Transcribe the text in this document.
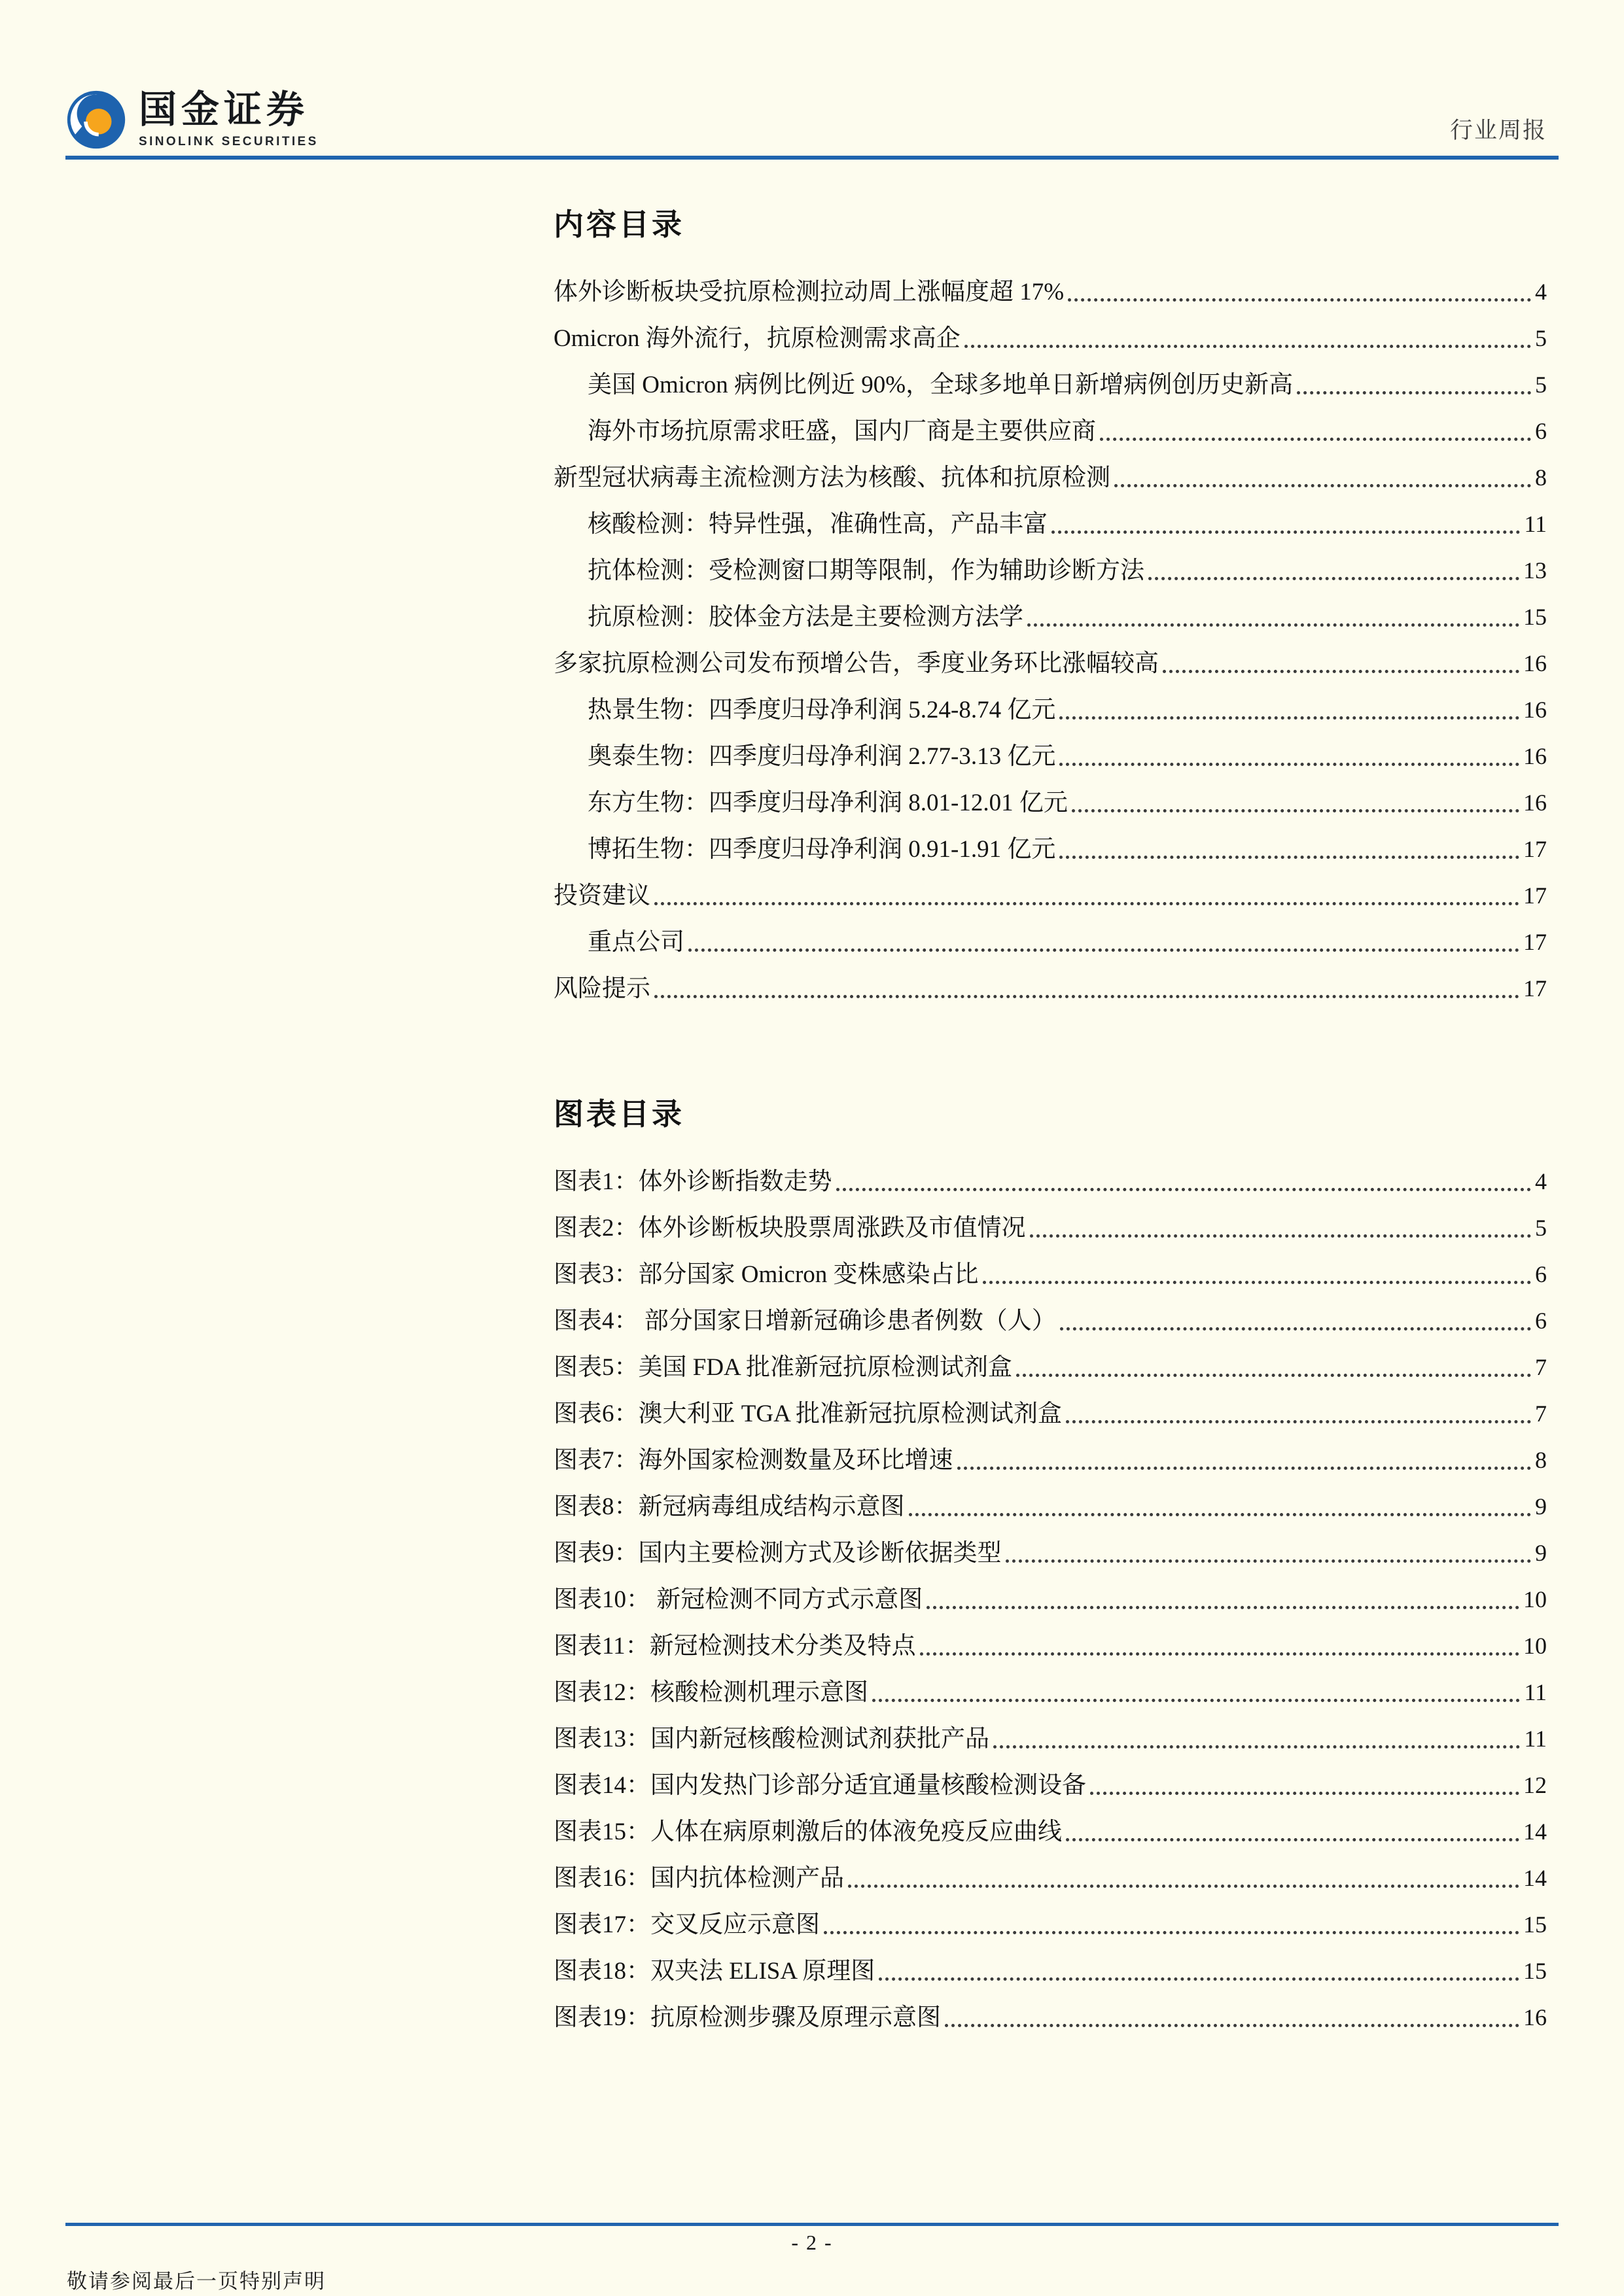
国金证券
SINOLINK SECURITIES	行业周报
内容目录
体外诊断板块受抗原检测拉动周上涨幅度超 17%	4
Omicron 海外流行，抗原检测需求高企	5
美国 Omicron 病例比例近 90%，全球多地单日新增病例创历史新高	5
海外市场抗原需求旺盛，国内厂商是主要供应商	6
新型冠状病毒主流检测方法为核酸、抗体和抗原检测	8
核酸检测：特异性强，准确性高，产品丰富	11
抗体检测：受检测窗口期等限制，作为辅助诊断方法	13
抗原检测：胶体金方法是主要检测方法学	15
多家抗原检测公司发布预增公告，季度业务环比涨幅较高	16
热景生物：四季度归母净利润 5.24-8.74 亿元	16
奥泰生物：四季度归母净利润 2.77-3.13 亿元	16
东方生物：四季度归母净利润 8.01-12.01 亿元	16
博拓生物：四季度归母净利润 0.91-1.91 亿元	17
投资建议	17
重点公司	17
风险提示	17
图表目录
图表1：体外诊断指数走势	4
图表2：体外诊断板块股票周涨跌及市值情况	5
图表3：部分国家 Omicron 变株感染占比	6
图表4： 部分国家日增新冠确诊患者例数（人）	6
图表5：美国 FDA 批准新冠抗原检测试剂盒	7
图表6：澳大利亚 TGA 批准新冠抗原检测试剂盒	7
图表7：海外国家检测数量及环比增速	8
图表8：新冠病毒组成结构示意图	9
图表9：国内主要检测方式及诊断依据类型	9
图表10： 新冠检测不同方式示意图	10
图表11：新冠检测技术分类及特点	10
图表12：核酸检测机理示意图	11
图表13：国内新冠核酸检测试剂获批产品	11
图表14：国内发热门诊部分适宜通量核酸检测设备	12
图表15：人体在病原刺激后的体液免疫反应曲线	14
图表16：国内抗体检测产品	14
图表17：交叉反应示意图	15
图表18：双夹法 ELISA 原理图	15
图表19：抗原检测步骤及原理示意图	16
- 2 -
敬请参阅最后一页特别声明
